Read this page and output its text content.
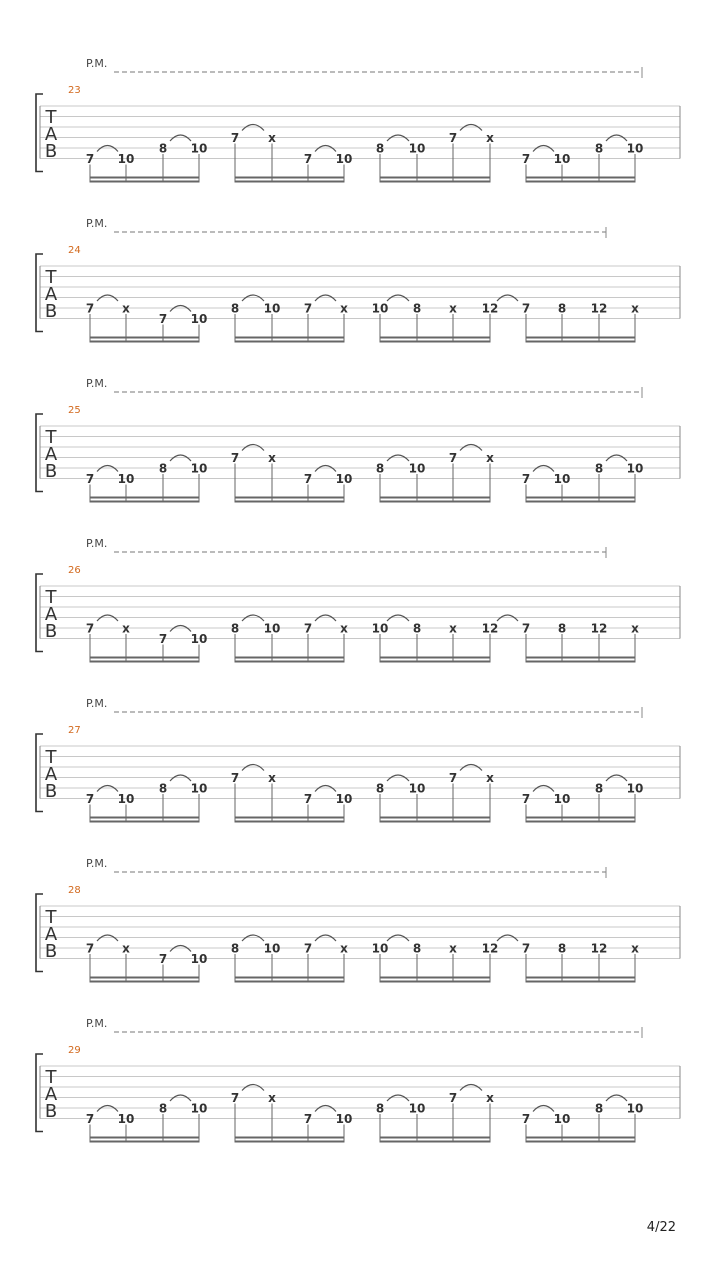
P.M.
23
T
A
B 7 10
8 10
7 x
7 10
8 10
7 x
7 10
8 10
P.M.
24
T
A
B 7 x
7 10
8 10 7 x 10 8 x 12 7 8 12 x
P.M.
25
T
A
B 7 10
8 10
7 x
7 10
8 10
7 x
7 10
8 10
P.M.
26
T
A
B 7 x
7 10
8 10 7 x 10 8 x 12 7 8 12 x
P.M.
27
T
A
B 7 10
8 10
7 x
7 10
8 10
7 x
7 10
8 10
P.M.
28
T
A
B 7 x
7 10
8 10 7 x 10 8 x 12 7 8 12 x
P.M.
29
T
A
B 7 10
8 10
7 x
7 10
8 10
7 x
7 10
8 10
4/22
